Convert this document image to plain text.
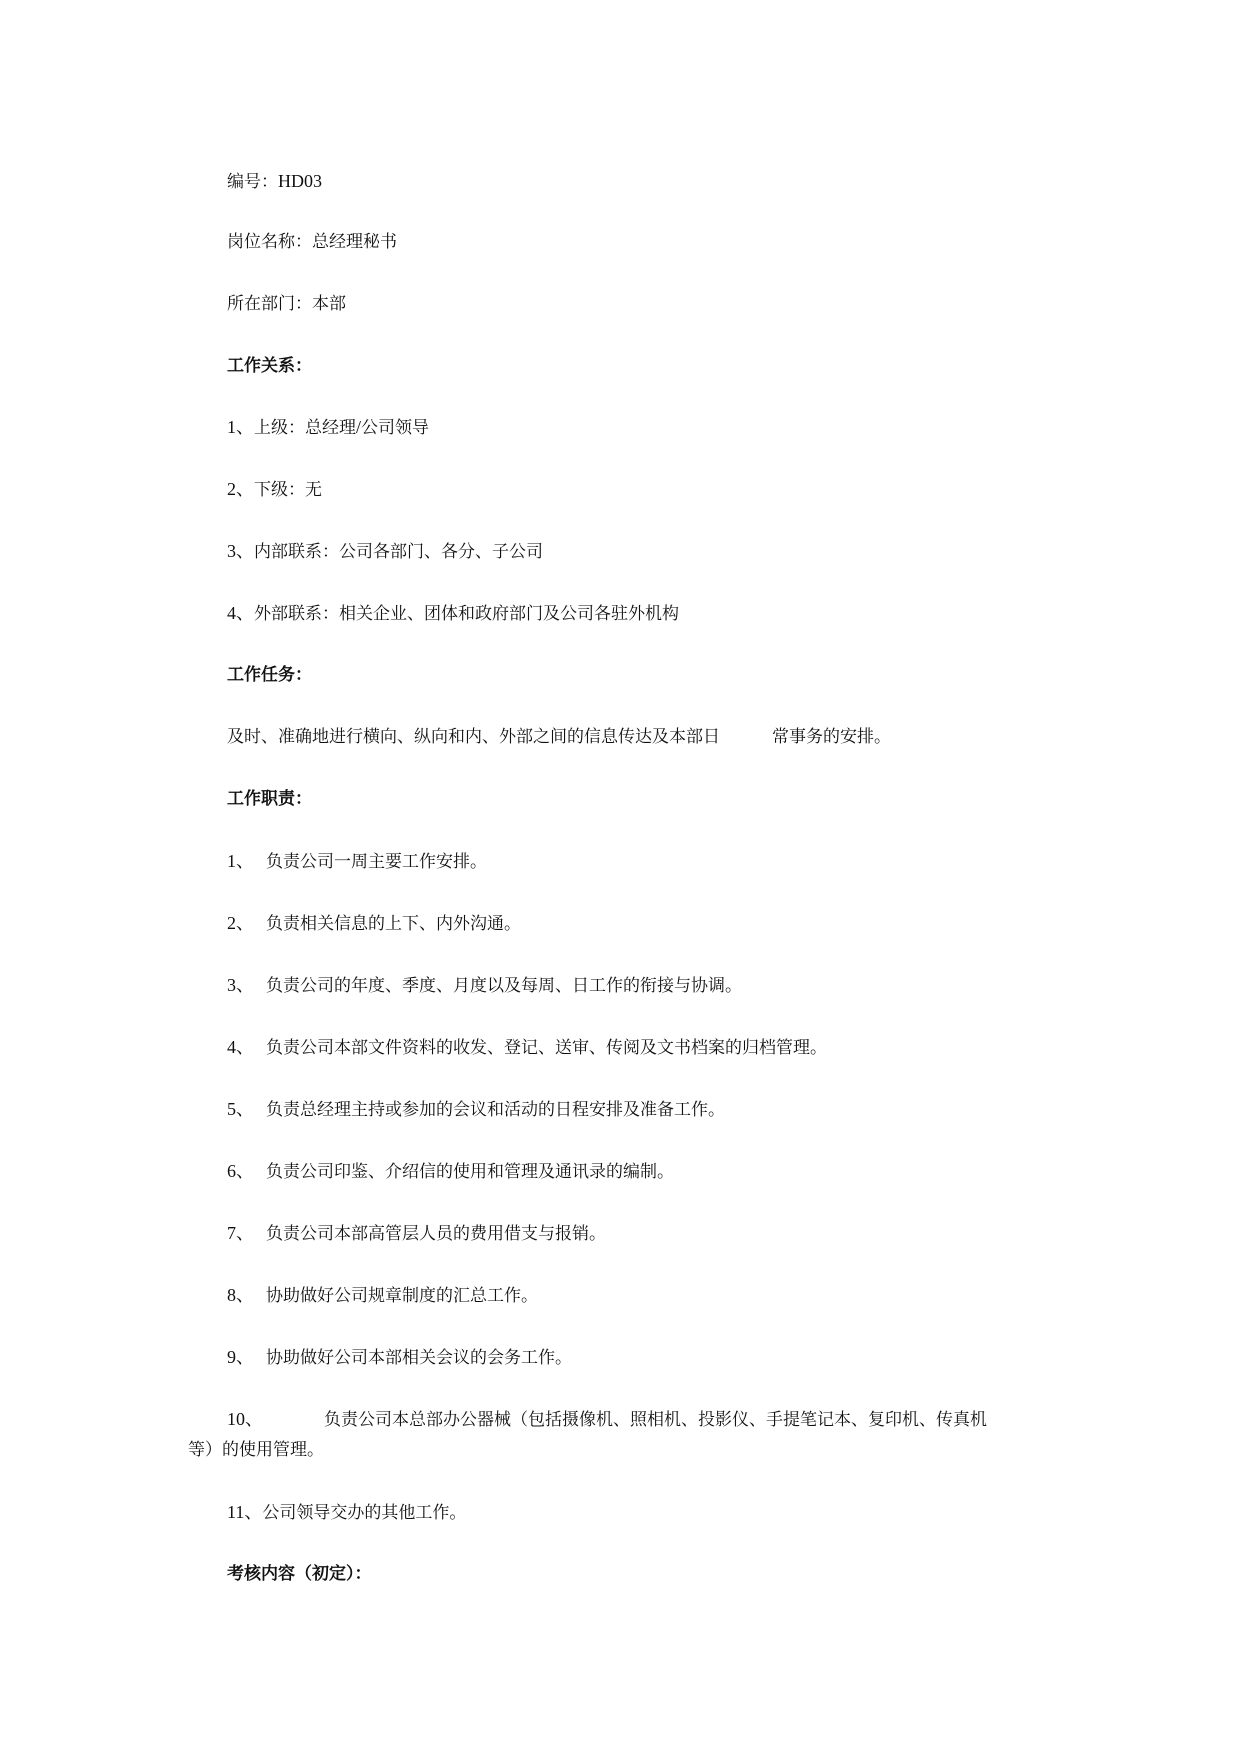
编号：HD03
岗位名称：总经理秘书
所在部门：本部
工作关系：
1、上级：总经理/公司领导
2、下级：无
3、内部联系：公司各部门、各分、子公司
4、外部联系：相关企业、团体和政府部门及公司各驻外机构
工作任务：
及时、准确地进行横向、纵向和内、外部之间的信息传达及本部日	常事务的安排。
工作职责：
1、 负责公司一周主要工作安排。
2、 负责相关信息的上下、内外沟通。
3、 负责公司的年度、季度、月度以及每周、日工作的衔接与协调。
4、 负责公司本部文件资料的收发、登记、送审、传阅及文书档案的归档管理。
5、 负责总经理主持或参加的会议和活动的日程安排及准备工作。
6、 负责公司印鉴、介绍信的使用和管理及通讯录的编制。
7、 负责公司本部高管层人员的费用借支与报销。
8、 协助做好公司规章制度的汇总工作。
9、 协助做好公司本部相关会议的会务工作。
10、	负责公司本总部办公器械（包括摄像机、照相机、投影仪、手提笔记本、复印机、传真机
等）的使用管理。
11、公司领导交办的其他工作。
考核内容（初定）：
